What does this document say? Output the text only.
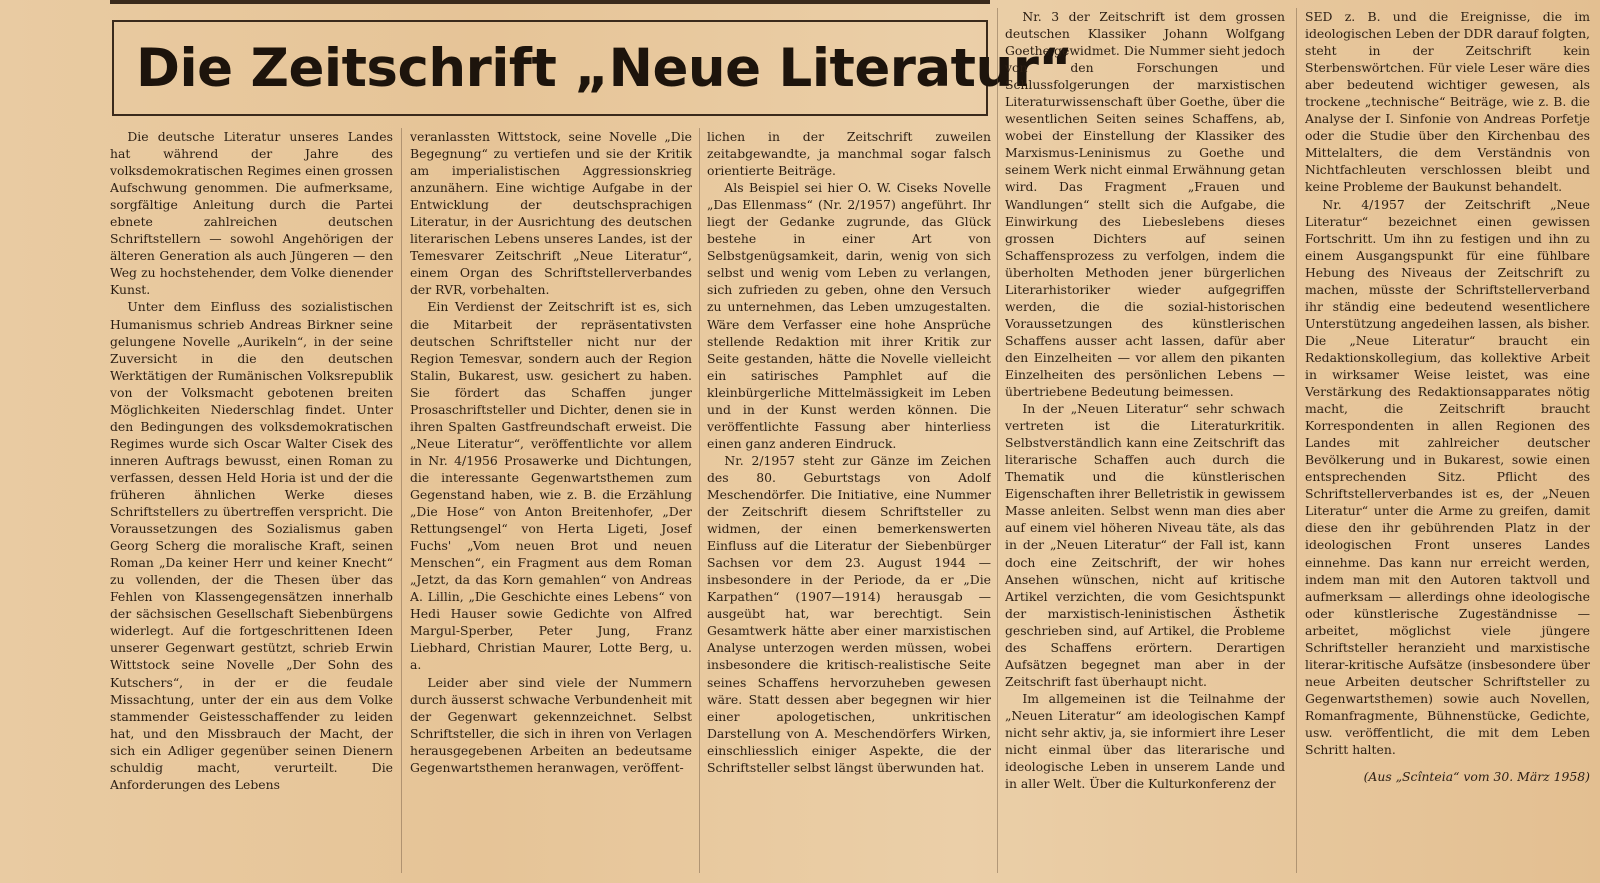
Die Zeitschrift „Neue Literatur“

Die deutsche Literatur unseres Landes hat während der Jahre des volksdemokratischen Regimes einen grossen Aufschwung genommen. Die aufmerksame, sorgfältige Anleitung durch die Partei ebnete zahlreichen deutschen Schriftstellern — sowohl Angehörigen der älteren Generation als auch Jüngeren — den Weg zu hochstehender, dem Volke dienender Kunst.

Unter dem Einfluss des sozialistischen Humanismus schrieb Andreas Birkner seine gelungene Novelle „Aurikeln“, in der seine Zuversicht in die den deutschen Werktätigen der Rumänischen Volksrepublik von der Volksmacht gebotenen breiten Möglichkeiten Niederschlag findet. Unter den Bedingungen des volksdemokratischen Regimes wurde sich Oscar Walter Cisek des inneren Auftrags bewusst, einen Roman zu verfassen, dessen Held Horia ist und der die früheren ähnlichen Werke dieses Schriftstellers zu übertreffen verspricht. Die Voraussetzungen des Sozialismus gaben Georg Scherg die moralische Kraft, seinen Roman „Da keiner Herr und keiner Knecht“ zu vollenden, der die Thesen über das Fehlen von Klassengegensätzen innerhalb der sächsischen Gesellschaft Siebenbürgens widerlegt. Auf die fortgeschrittenen Ideen unserer Gegenwart gestützt, schrieb Erwin Wittstock seine Novelle „Der Sohn des Kutschers“, in der er die feudale Missachtung, unter der ein aus dem Volke stammender Geistesschaffender zu leiden hat, und den Missbrauch der Macht, der sich ein Adliger gegenüber seinen Dienern schuldig macht, verurteilt. Die Anforderungen des Lebens

veranlassten Wittstock, seine Novelle „Die Begegnung“ zu vertiefen und sie der Kritik am imperialistischen Aggressionskrieg anzunähern. Eine wichtige Aufgabe in der Entwicklung der deutschsprachigen Literatur, in der Ausrichtung des deutschen literarischen Lebens unseres Landes, ist der Temesvarer Zeitschrift „Neue Literatur“, einem Organ des Schriftstellerverbandes der RVR, vorbehalten.

Ein Verdienst der Zeitschrift ist es, sich die Mitarbeit der repräsentativsten deutschen Schriftsteller nicht nur der Region Temesvar, sondern auch der Region Stalin, Bukarest, usw. gesichert zu haben. Sie fördert das Schaffen junger Prosaschriftsteller und Dichter, denen sie in ihren Spalten Gastfreundschaft erweist. Die „Neue Literatur“, veröffentlichte vor allem in Nr. 4/1956 Prosawerke und Dichtungen, die interessante Gegenwartsthemen zum Gegenstand haben, wie z. B. die Erzählung „Die Hose“ von Anton Breitenhofer, „Der Rettungsengel“ von Herta Ligeti, Josef Fuchs' „Vom neuen Brot und neuen Menschen“, ein Fragment aus dem Roman „Jetzt, da das Korn gemahlen“ von Andreas A. Lillin, „Die Geschichte eines Lebens“ von Hedi Hauser sowie Gedichte von Alfred Margul-Sperber, Peter Jung, Franz Liebhard, Christian Maurer, Lotte Berg, u. a.

Leider aber sind viele der Nummern durch äusserst schwache Verbundenheit mit der Gegenwart gekennzeichnet. Selbst Schriftsteller, die sich in ihren von Verlagen herausgegebenen Arbeiten an bedeutsame Gegenwartsthemen heranwagen, veröffent-

lichen in der Zeitschrift zuweilen zeitabgewandte, ja manchmal sogar falsch orientierte Beiträge.

Als Beispiel sei hier O. W. Ciseks Novelle „Das Ellenmass“ (Nr. 2/1957) angeführt. Ihr liegt der Gedanke zugrunde, das Glück bestehe in einer Art von Selbstgenügsamkeit, darin, wenig von sich selbst und wenig vom Leben zu verlangen, sich zufrieden zu geben, ohne den Versuch zu unternehmen, das Leben umzugestalten. Wäre dem Verfasser eine hohe Ansprüche stellende Redaktion mit ihrer Kritik zur Seite gestanden, hätte die Novelle vielleicht ein satirisches Pamphlet auf die kleinbürgerliche Mittelmässigkeit im Leben und in der Kunst werden können. Die veröffentlichte Fassung aber hinterliess einen ganz anderen Eindruck.

Nr. 2/1957 steht zur Gänze im Zeichen des 80. Geburtstags von Adolf Meschendörfer. Die Initiative, eine Nummer der Zeitschrift diesem Schriftsteller zu widmen, der einen bemerkenswerten Einfluss auf die Literatur der Siebenbürger Sachsen vor dem 23. August 1944 — insbesondere in der Periode, da er „Die Karpathen“ (1907—1914) herausgab — ausgeübt hat, war berechtigt. Sein Gesamtwerk hätte aber einer marxistischen Analyse unterzogen werden müssen, wobei insbesondere die kritisch-realistische Seite seines Schaffens hervorzuheben gewesen wäre. Statt dessen aber begegnen wir hier einer apologetischen, unkritischen Darstellung von A. Meschendörfers Wirken, einschliesslich einiger Aspekte, die der Schriftsteller selbst längst überwunden hat.

Nr. 3 der Zeitschrift ist dem grossen deutschen Klassiker Johann Wolfgang Goethe gewidmet. Die Nummer sieht jedoch von den Forschungen und Schlussfolgerungen der marxistischen Literaturwissenschaft über Goethe, über die wesentlichen Seiten seines Schaffens, ab, wobei der Einstellung der Klassiker des Marxismus-Leninismus zu Goethe und seinem Werk nicht einmal Erwähnung getan wird. Das Fragment „Frauen und Wandlungen“ stellt sich die Aufgabe, die Einwirkung des Liebeslebens dieses grossen Dichters auf seinen Schaffensprozess zu verfolgen, indem die überholten Methoden jener bürgerlichen Literarhistoriker wieder aufgegriffen werden, die die sozial-historischen Voraussetzungen des künstlerischen Schaffens ausser acht lassen, dafür aber den Einzelheiten — vor allem den pikanten Einzelheiten des persönlichen Lebens — übertriebene Bedeutung beimessen.

In der „Neuen Literatur“ sehr schwach vertreten ist die Literaturkritik. Selbstverständlich kann eine Zeitschrift das literarische Schaffen auch durch die Thematik und die künstlerischen Eigenschaften ihrer Belletristik in gewissem Masse anleiten. Selbst wenn man dies aber auf einem viel höheren Niveau täte, als das in der „Neuen Literatur“ der Fall ist, kann doch eine Zeitschrift, der wir hohes Ansehen wünschen, nicht auf kritische Artikel verzichten, die vom Gesichtspunkt der marxistisch-leninistischen Ästhetik geschrieben sind, auf Artikel, die Probleme des Schaffens erörtern. Derartigen Aufsätzen begegnet man aber in der Zeitschrift fast überhaupt nicht.

Im allgemeinen ist die Teilnahme der „Neuen Literatur“ am ideologischen Kampf nicht sehr aktiv, ja, sie informiert ihre Leser nicht einmal über das literarische und ideologische Leben in unserem Lande und in aller Welt. Über die Kulturkonferenz der

SED z. B. und die Ereignisse, die im ideologischen Leben der DDR darauf folgten, steht in der Zeitschrift kein Sterbenswörtchen. Für viele Leser wäre dies aber bedeutend wichtiger gewesen, als trockene „technische“ Beiträge, wie z. B. die Analyse der I. Sinfonie von Andreas Porfetje oder die Studie über den Kirchenbau des Mittelalters, die dem Verständnis von Nichtfachleuten verschlossen bleibt und keine Probleme der Baukunst behandelt.

Nr. 4/1957 der Zeitschrift „Neue Literatur“ bezeichnet einen gewissen Fortschritt. Um ihn zu festigen und ihn zu einem Ausgangspunkt für eine fühlbare Hebung des Niveaus der Zeitschrift zu machen, müsste der Schriftstellerverband ihr ständig eine bedeutend wesentlichere Unterstützung angedeihen lassen, als bisher. Die „Neue Literatur“ braucht ein Redaktionskollegium, das kollektive Arbeit in wirksamer Weise leistet, was eine Verstärkung des Redaktionsapparates nötig macht, die Zeitschrift braucht Korrespondenten in allen Regionen des Landes mit zahlreicher deutscher Bevölkerung und in Bukarest, sowie einen entsprechenden Sitz. Pflicht des Schriftstellerverbandes ist es, der „Neuen Literatur“ unter die Arme zu greifen, damit diese den ihr gebührenden Platz in der ideologischen Front unseres Landes einnehme. Das kann nur erreicht werden, indem man mit den Autoren taktvoll und aufmerksam — allerdings ohne ideologische oder künstlerische Zugeständnisse — arbeitet, möglichst viele jüngere Schriftsteller heranzieht und marxistische literar-kritische Aufsätze (insbesondere über neue Arbeiten deutscher Schriftsteller zu Gegenwartsthemen) sowie auch Novellen, Romanfragmente, Bühnenstücke, Gedichte, usw. veröffentlicht, die mit dem Leben Schritt halten.

(Aus „Scînteia“ vom 30. März 1958)
